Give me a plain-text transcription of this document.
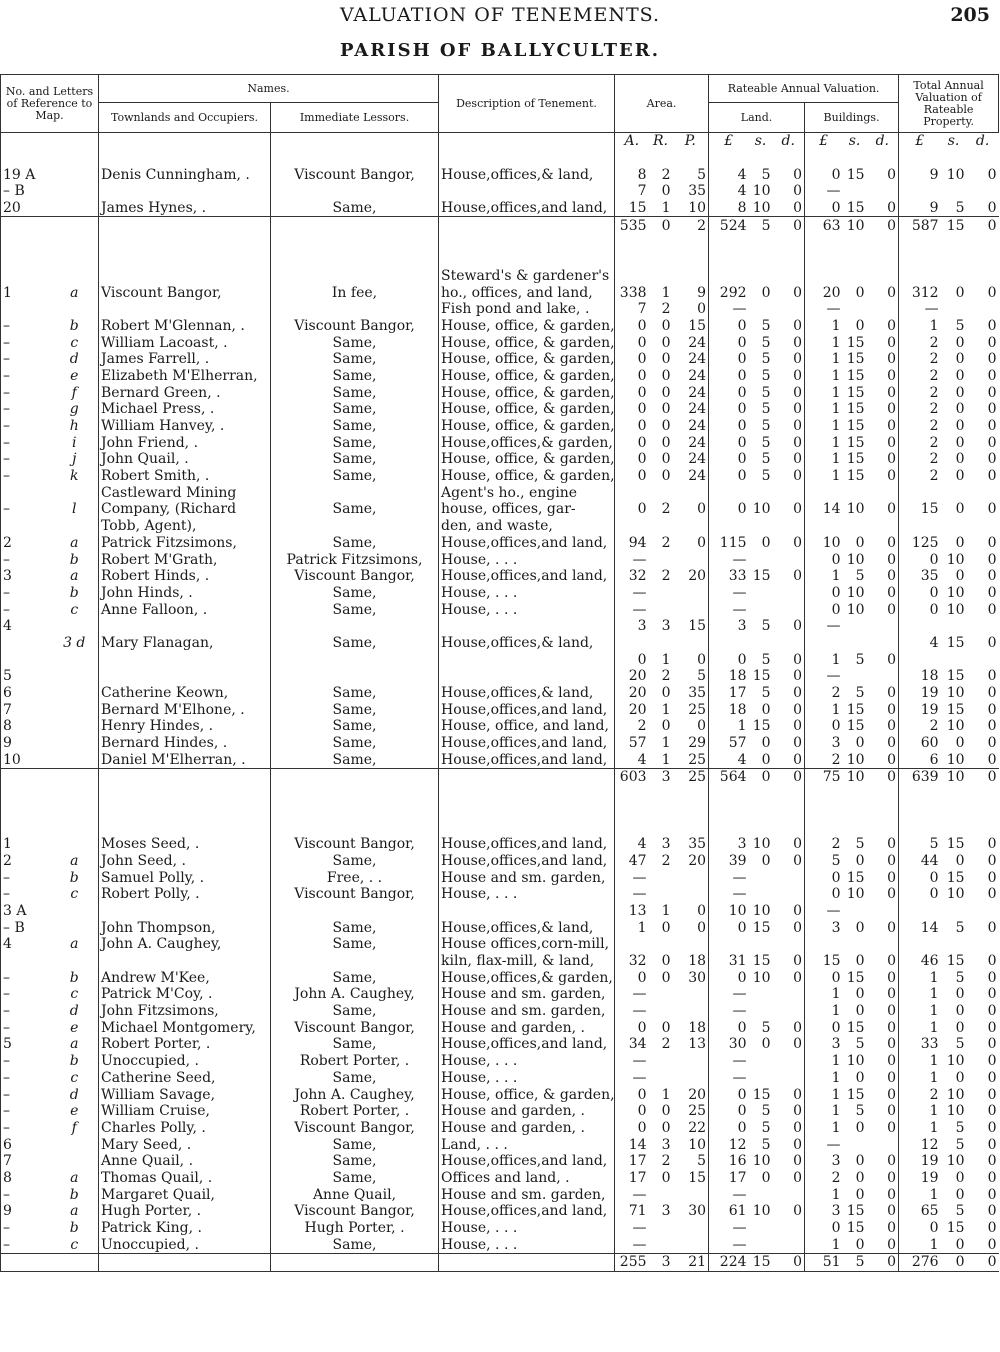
VALUATION OF TENEMENTS.	205
PARISH OF BALLYCULTER.
No. and Letters of Reference to Map.		Names.		Description of Tenement.	Area.			Rateable Annual Valuation.						Total Annual Valuation of Rateable Property.		
		Townlands and Occupiers.	Immediate Lessors.					Land.			Buildings.					
					A.	R.	P.	£	s.	d.	£	s.	d.	£	s.	d.

19 A		Denis Cunningham, .	Viscount Bangor,	House,offices,& land,	8	2	5	4	5	0	0	15	0	9	10	0
– B					7	0	35	4	10	0	—					
20		James Hynes, .	Same,	House,offices,and land,	15	1	10	8	10	0	0	15	0	9	5	0
					535	0	2	524	5	0	63	10	0	587	15	0

				Steward's & gardener's												
1	a	Viscount Bangor,	In fee,	ho., offices, and land,	338	1	9	292	0	0	20	0	0	312	0	0
				Fish pond and lake, .	7	2	0	—			—			—		
–	b	Robert M'Glennan, .	Viscount Bangor,	House, office, & garden,	0	0	15	0	5	0	1	0	0	1	5	0
–	c	William Lacoast, .	Same,	House, office, & garden,	0	0	24	0	5	0	1	15	0	2	0	0
–	d	James Farrell, .	Same,	House, office, & garden,	0	0	24	0	5	0	1	15	0	2	0	0
–	e	Elizabeth M'Elherran,	Same,	House, office, & garden,	0	0	24	0	5	0	1	15	0	2	0	0
–	f	Bernard Green, .	Same,	House, office, & garden,	0	0	24	0	5	0	1	15	0	2	0	0
–	g	Michael Press, .	Same,	House, office, & garden,	0	0	24	0	5	0	1	15	0	2	0	0
–	h	William Hanvey, .	Same,	House, office, & garden,	0	0	24	0	5	0	1	15	0	2	0	0
–	i	John Friend, .	Same,	House,offices,& garden,	0	0	24	0	5	0	1	15	0	2	0	0
–	j	John Quail, .	Same,	House, office, & garden,	0	0	24	0	5	0	1	15	0	2	0	0
–	k	Robert Smith, .	Same,	House, office, & garden,	0	0	24	0	5	0	1	15	0	2	0	0
		Castleward Mining		Agent's ho., engine												
–	l	Company, (Richard	Same,	house, offices, gar-	0	2	0	0	10	0	14	10	0	15	0	0
		Tobb, Agent),		den, and waste,												
2	a	Patrick Fitzsimons,	Same,	House,offices,and land,	94	2	0	115	0	0	10	0	0	125	0	0
–	b	Robert M'Grath,	Patrick Fitzsimons,	House, . . .	—			—			0	10	0	0	10	0
3	a	Robert Hinds, .	Viscount Bangor,	House,offices,and land,	32	2	20	33	15	0	1	5	0	35	0	0
–	b	John Hinds, .	Same,	House, . . .	—			—			0	10	0	0	10	0
–	c	Anne Falloon, .	Same,	House, . . .	—			—			0	10	0	0	10	0
4					3	3	15	3	5	0	—					
	3 d	Mary Flanagan,	Same,	House,offices,& land,										4	15	0
					0	1	0	0	5	0	1	5	0			
5					20	2	5	18	15	0	—			18	15	0
6		Catherine Keown,	Same,	House,offices,& land,	20	0	35	17	5	0	2	5	0	19	10	0
7		Bernard M'Elhone, .	Same,	House,offices,and land,	20	1	25	18	0	0	1	15	0	19	15	0
8		Henry Hindes, .	Same,	House, office, and land,	2	0	0	1	15	0	0	15	0	2	10	0
9		Bernard Hindes, .	Same,	House,offices,and land,	57	1	29	57	0	0	3	0	0	60	0	0
10		Daniel M'Elherran, .	Same,	House,offices,and land,	4	1	25	4	0	0	2	10	0	6	10	0
					603	3	25	564	0	0	75	10	0	639	10	0

1		Moses Seed, .	Viscount Bangor,	House,offices,and land,	4	3	35	3	10	0	2	5	0	5	15	0
2	a	John Seed, .	Same,	House,offices,and land,	47	2	20	39	0	0	5	0	0	44	0	0
–	b	Samuel Polly, .	Free, . .	House and sm. garden,	—			—			0	15	0	0	15	0
–	c	Robert Polly, .	Viscount Bangor,	House, . . .	—			—			0	10	0	0	10	0
3 A					13	1	0	10	10	0	—					
– B		John Thompson,	Same,	House,offices,& land,	1	0	0	0	15	0	3	0	0	14	5	0
4	a	John A. Caughey,	Same,	House offices,corn-mill,												
				kiln, flax-mill, & land,	32	0	18	31	15	0	15	0	0	46	15	0
–	b	Andrew M'Kee,	Same,	House,offices,& garden,	0	0	30	0	10	0	0	15	0	1	5	0
–	c	Patrick M'Coy, .	John A. Caughey,	House and sm. garden,	—			—			1	0	0	1	0	0
–	d	John Fitzsimons,	Same,	House and sm. garden,	—			—			1	0	0	1	0	0
–	e	Michael Montgomery,	Viscount Bangor,	House and garden, .	0	0	18	0	5	0	0	15	0	1	0	0
5	a	Robert Porter, .	Same,	House,offices,and land,	34	2	13	30	0	0	3	5	0	33	5	0
–	b	Unoccupied, .	Robert Porter, .	House, . . .	—			—			1	10	0	1	10	0
–	c	Catherine Seed,	Same,	House, . . .	—			—			1	0	0	1	0	0
–	d	William Savage,	John A. Caughey,	House, office, & garden,	0	1	20	0	15	0	1	15	0	2	10	0
–	e	William Cruise,	Robert Porter, .	House and garden, .	0	0	25	0	5	0	1	5	0	1	10	0
–	f	Charles Polly, .	Viscount Bangor,	House and garden, .	0	0	22	0	5	0	1	0	0	1	5	0
6		Mary Seed, .	Same,	Land, . . .	14	3	10	12	5	0	—			12	5	0
7		Anne Quail, .	Same,	House,offices,and land,	17	2	5	16	10	0	3	0	0	19	10	0
8	a	Thomas Quail, .	Same,	Offices and land, .	17	0	15	17	0	0	2	0	0	19	0	0
–	b	Margaret Quail,	Anne Quail,	House and sm. garden,	—			—			1	0	0	1	0	0
9	a	Hugh Porter, .	Viscount Bangor,	House,offices,and land,	71	3	30	61	10	0	3	15	0	65	5	0
–	b	Patrick King, .	Hugh Porter, .	House, . . .	—			—			0	15	0	0	15	0
–	c	Unoccupied, .	Same,	House, . . .	—			—			1	0	0	1	0	0
					255	3	21	224	15	0	51	5	0	276	0	0
